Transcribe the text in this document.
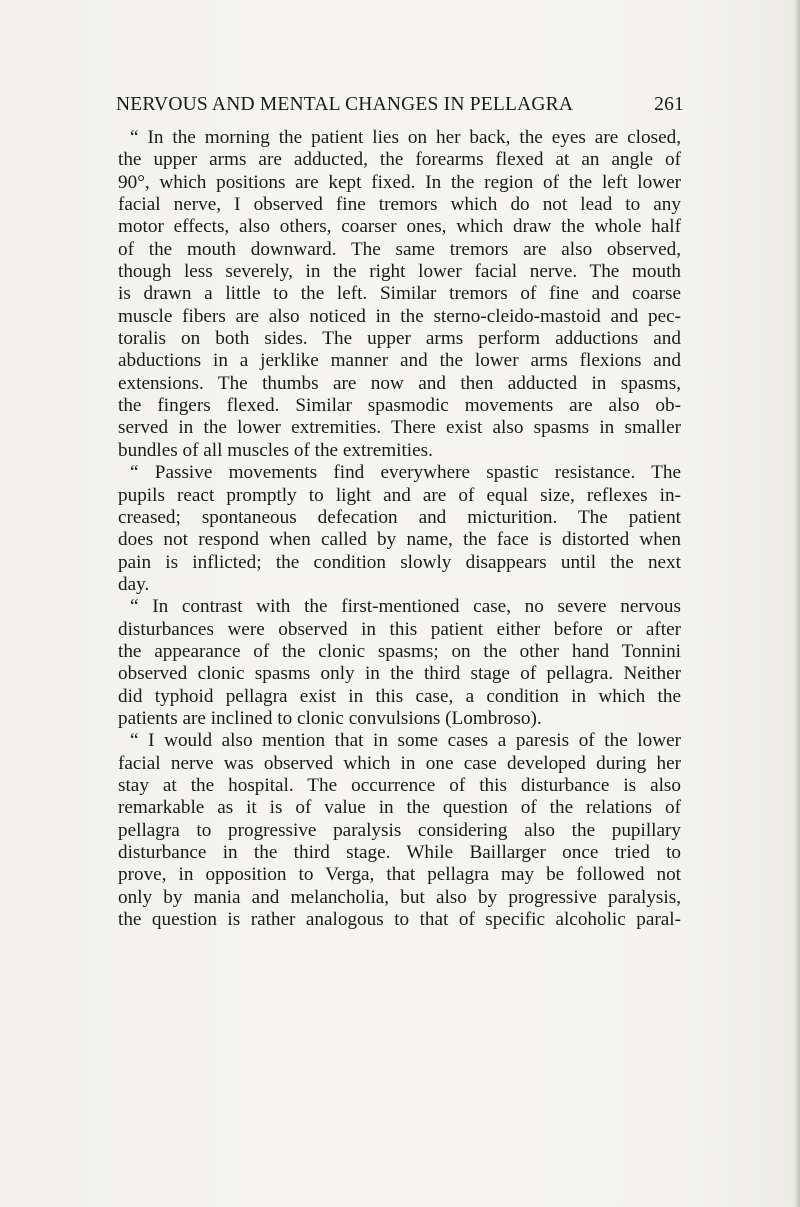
NERVOUS AND MENTAL CHANGES IN PELLAGRA	261
“ In the morning the patient lies on her back, the eyes are closed,
the upper arms are adducted, the forearms flexed at an angle of
90°, which positions are kept fixed. In the region of the left lower
facial nerve, I observed fine tremors which do not lead to any
motor effects, also others, coarser ones, which draw the whole half
of the mouth downward. The same tremors are also observed,
though less severely, in the right lower facial nerve. The mouth
is drawn a little to the left. Similar tremors of fine and coarse
muscle fibers are also noticed in the sterno-cleido-mastoid and pec-
toralis on both sides. The upper arms perform adductions and
abductions in a jerklike manner and the lower arms flexions and
extensions. The thumbs are now and then adducted in spasms,
the fingers flexed. Similar spasmodic movements are also ob-
served in the lower extremities. There exist also spasms in smaller
bundles of all muscles of the extremities.
“ Passive movements find everywhere spastic resistance. The
pupils react promptly to light and are of equal size, reflexes in-
creased; spontaneous defecation and micturition. The patient
does not respond when called by name, the face is distorted when
pain is inflicted; the condition slowly disappears until the next
day.
“ In contrast with the first-mentioned case, no severe nervous
disturbances were observed in this patient either before or after
the appearance of the clonic spasms; on the other hand Tonnini
observed clonic spasms only in the third stage of pellagra. Neither
did typhoid pellagra exist in this case, a condition in which the
patients are inclined to clonic convulsions (Lombroso).
“ I would also mention that in some cases a paresis of the lower
facial nerve was observed which in one case developed during her
stay at the hospital. The occurrence of this disturbance is also
remarkable as it is of value in the question of the relations of
pellagra to progressive paralysis considering also the pupillary
disturbance in the third stage. While Baillarger once tried to
prove, in opposition to Verga, that pellagra may be followed not
only by mania and melancholia, but also by progressive paralysis,
the question is rather analogous to that of specific alcoholic paral-
